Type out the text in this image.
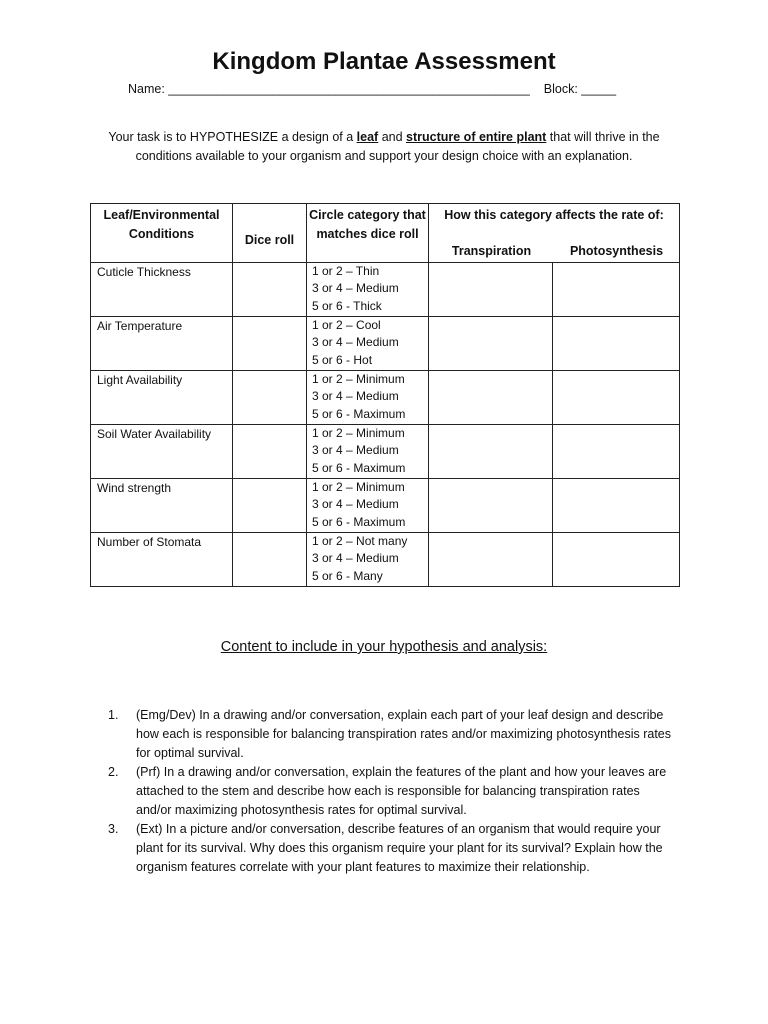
Kingdom Plantae Assessment
Name: ____________________________________________________ Block: _____

Your task is to HYPOTHESIZE a design of a leaf and structure of entire plant that will thrive in the conditions available to your organism and support your design choice with an explanation.

Leaf/Environmental Conditions	Dice roll	Circle category that matches dice roll	How this category affects the rate of:
Transpiration Photosynthesis	

Cuticle Thickness		1 or 2 – Thin
3 or 4 – Medium
5 or 6 - Thick		

Air Temperature		1 or 2 – Cool
3 or 4 – Medium
5 or 6 - Hot		

Light Availability		1 or 2 – Minimum
3 or 4 – Medium
5 or 6 - Maximum		

Soil Water Availability		1 or 2 – Minimum
3 or 4 – Medium
5 or 6 - Maximum		

Wind strength		1 or 2 – Minimum
3 or 4 – Medium
5 or 6 - Maximum		

Number of Stomata		1 or 2 – Not many
3 or 4 – Medium
5 or 6 - Many		

Content to include in your hypothesis and analysis:
1.	(Emg/Dev) In a drawing and/or conversation, explain each part of your leaf design and describe how each is responsible for balancing transpiration rates and/or maximizing photosynthesis rates for optimal survival.
2.	(Prf) In a drawing and/or conversation, explain the features of the plant and how your leaves are attached to the stem and describe how each is responsible for balancing transpiration rates and/or maximizing photosynthesis rates for optimal survival.
3.	(Ext) In a picture and/or conversation, describe features of an organism that would require your plant for its survival. Why does this organism require your plant for its survival? Explain how the organism features correlate with your plant features to maximize their relationship.
